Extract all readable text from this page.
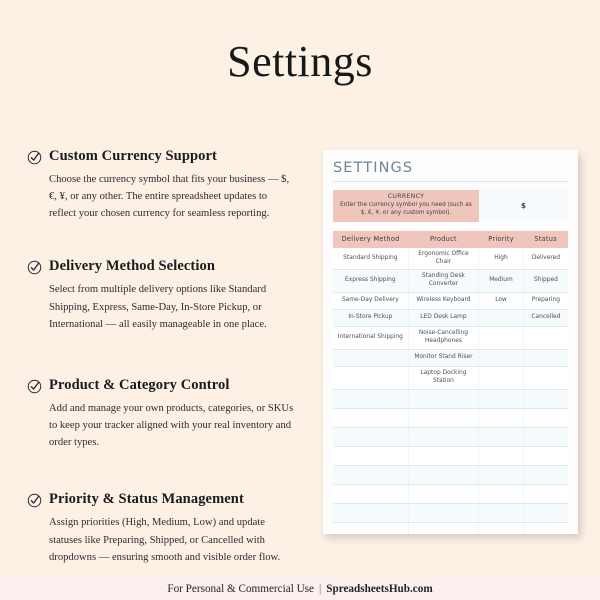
Settings
Custom Currency Support
Choose the currency symbol that fits your business — $, €, ¥, or any other. The entire spreadsheet updates to reflect your chosen currency for seamless reporting.
Delivery Method Selection
Select from multiple delivery options like Standard Shipping, Express, Same-Day, In-Store Pickup, or International — all easily manageable in one place.
Product & Category Control
Add and manage your own products, categories, or SKUs to keep your tracker aligned with your real inventory and order types.
Priority & Status Management
Assign priorities (High, Medium, Low) and update statuses like Preparing, Shipped, or Cancelled with dropdowns — ensuring smooth and visible order flow.
SETTINGS
CURRENCY
Enter the currency symbol you need (such as $, €, ¥, or any custom symbol).
$
Delivery Method	Product	Priority	Status
Standard Shipping	Ergonomic Office Chair	High	Delivered
Express Shipping	Standing Desk Converter	Medium	Shipped
Same-Day Delivery	Wireless Keyboard	Low	Preparing
In-Store Pickup	LED Desk Lamp		Cancelled
International Shipping	Noise-Cancelling Headphones		
	Monitor Stand Riser		
	Laptop Docking Station		

For Personal & Commercial Use | SpreadsheetsHub.com
